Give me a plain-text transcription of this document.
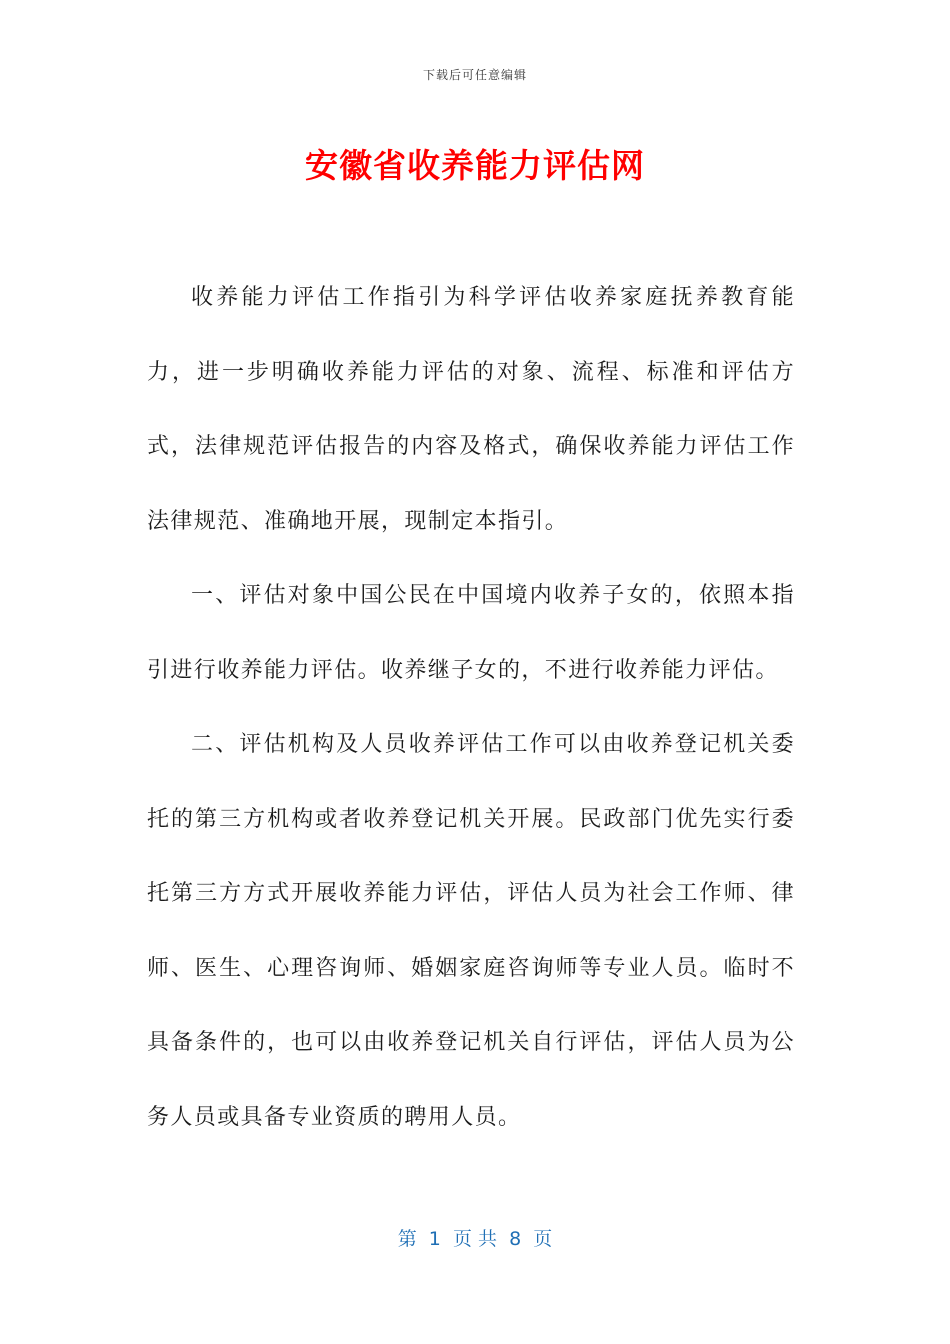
下载后可任意编辑
安徽省收养能力评估网

收养能力评估工作指引为科学评估收养家庭抚养教育能力，进一步明确收养能力评估的对象、流程、标准和评估方式，法律规范评估报告的内容及格式，确保收养能力评估工作法律规范、准确地开展，现制定本指引。

一、评估对象中国公民在中国境内收养子女的，依照本指引进行收养能力评估。收养继子女的，不进行收养能力评估。

二、评估机构及人员收养评估工作可以由收养登记机关委托的第三方机构或者收养登记机关开展。民政部门优先实行委托第三方方式开展收养能力评估，评估人员为社会工作师、律师、医生、心理咨询师、婚姻家庭咨询师等专业人员。临时不具备条件的，也可以由收养登记机关自行评估，评估人员为公务人员或具备专业资质的聘用人员。

第  1  页 共  8  页
